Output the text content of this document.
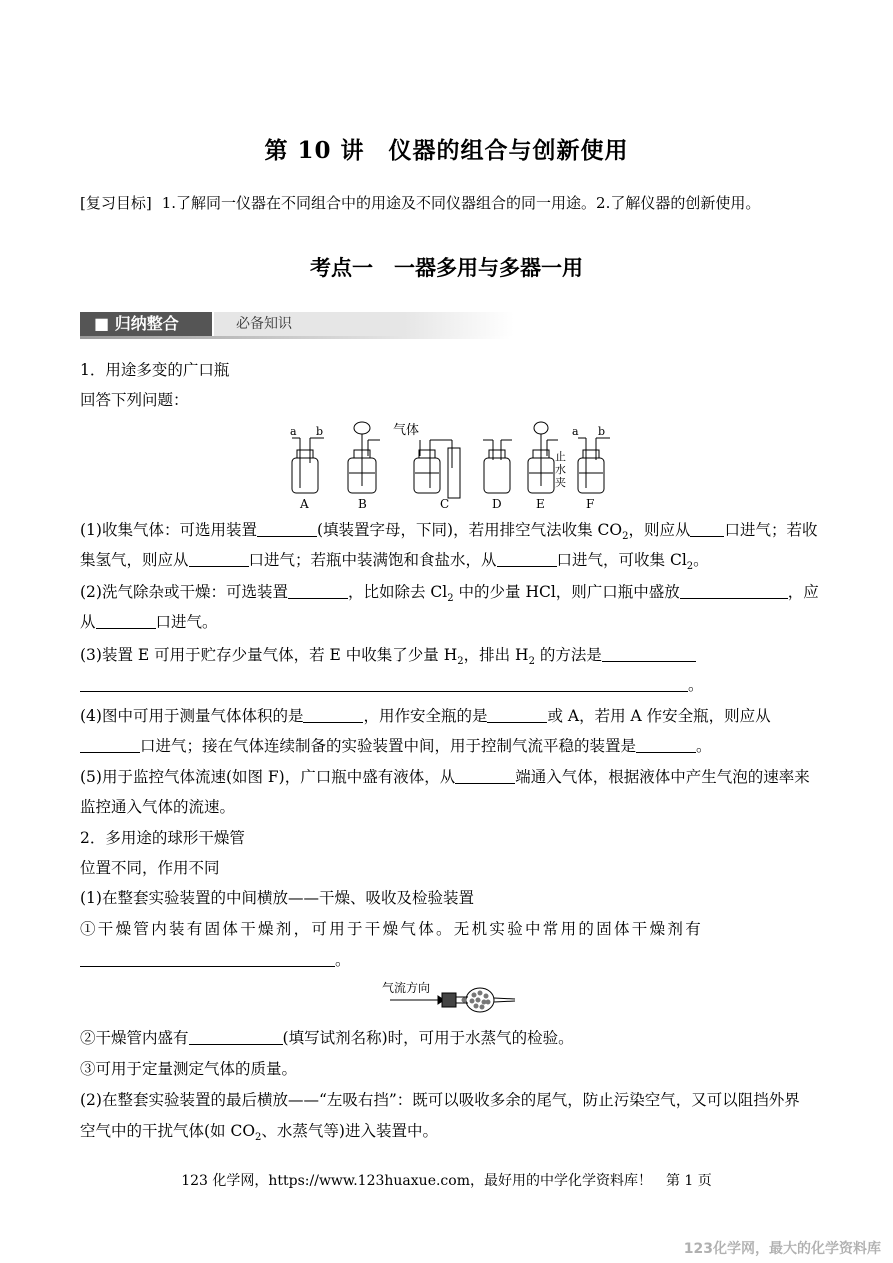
第 10 讲　仪器的组合与创新使用
[复习目标] 1.了解同一仪器在不同组合中的用途及不同仪器组合的同一用途。2.了解仪器的创新使用。
考点一　一器多用与多器一用
■ 归纳整合	必备知识
1．用途多变的广口瓶
回答下列问题：
a b	气体
止
水
夹
a b
A	B	C	D	E	F
(1)收集气体：可选用装置	(填装置字母，下同)，若用排空气法收集 $CO_2$，则应从 口进气；若收
集氢气，则应从	口进气；若瓶中装满饱和食盐水，从	口进气，可收集 $Cl_2$。
(2)洗气除杂或干燥：可选装置	，比如除去 $Cl_2$ 中的少量 HCl，则广口瓶中盛放	，应
从	口进气。
(3)装置 E 可用于贮存少量气体，若 E 中收集了少量 $H_2$，排出 $H_2$ 的方法是
。
(4)图中可用于测量气体体积的是	，用作安全瓶的是	或 A，若用 A 作安全瓶，则应从
口进气；接在气体连续制备的实验装置中间，用于控制气流平稳的装置是	。
(5)用于监控气体流速(如图 F)，广口瓶中盛有液体，从	端通入气体，根据液体中产生气泡的速率来
监控通入气体的流速。
2．多用途的球形干燥管
位置不同，作用不同
(1)在整套实验装置的中间横放——干燥、吸收及检验装置
①干燥管内装有固体干燥剂，可用于干燥气体。无机实验中常用的固体干燥剂有
。
气流方向
②干燥管内盛有	(填写试剂名称)时，可用于水蒸气的检验。
③可用于定量测定气体的质量。
(2)在整套实验装置的最后横放——“左吸右挡”：既可以吸收多余的尾气，防止污染空气，又可以阻挡外界
空气中的干扰气体(如 $CO_2$、水蒸气等)进入装置中。
123 化学网，https://www.123huaxue.com，最好用的中学化学资料库！　第 1 页
123化学网，最大的化学资料库
